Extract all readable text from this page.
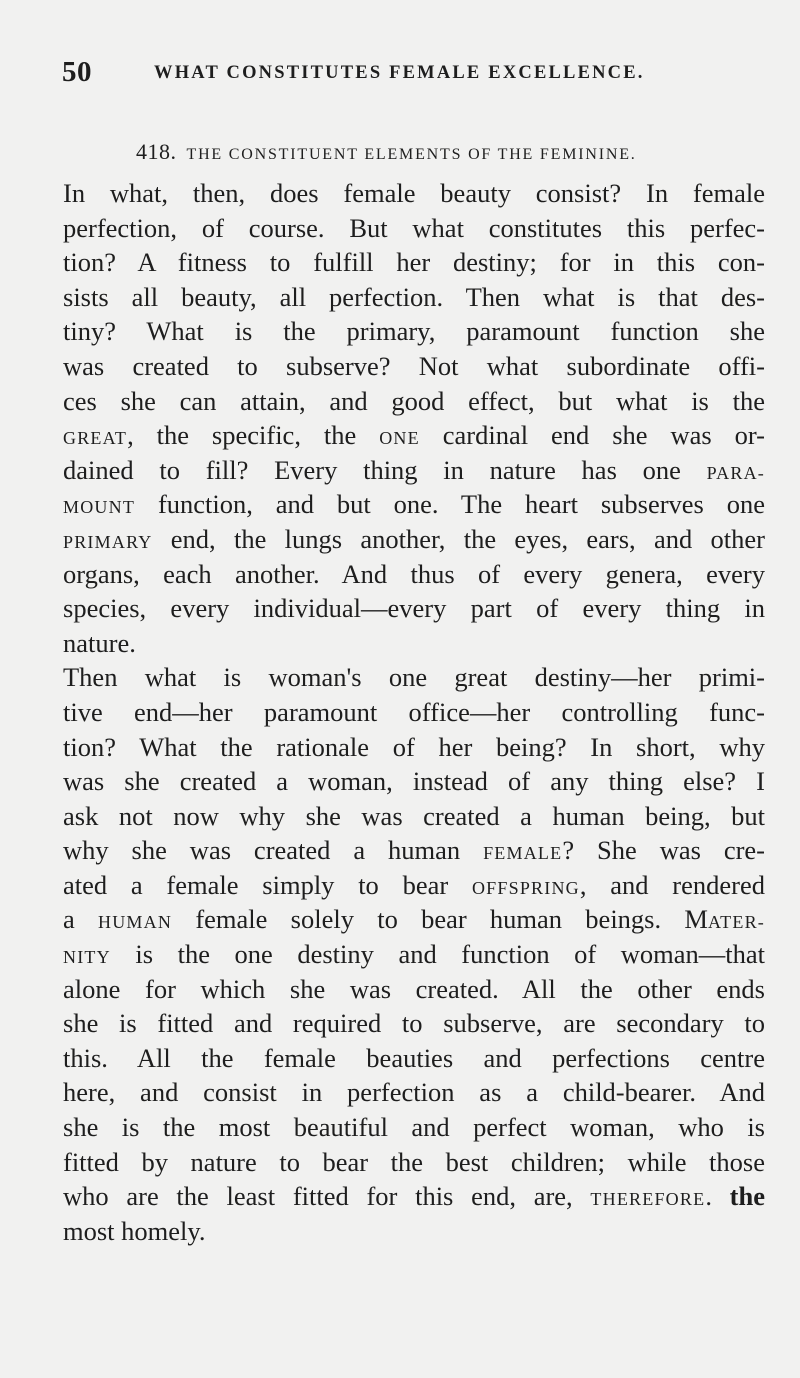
50	WHAT CONSTITUTES FEMALE EXCELLENCE.
418. THE CONSTITUENT ELEMENTS OF THE FEMININE.
In what, then, does female beauty consist? In female
perfection, of course. But what constitutes this perfec-
tion? A fitness to fulfill her destiny; for in this con-
sists all beauty, all perfection. Then what is that des-
tiny? What is the primary, paramount function she
was created to subserve? Not what subordinate offi-
ces she can attain, and good effect, but what is the
GREAT, the specific, the ONE cardinal end she was or-
dained to fill? Every thing in nature has one PARA-
MOUNT function, and but one. The heart subserves one
PRIMARY end, the lungs another, the eyes, ears, and other
organs, each another. And thus of every genera, every
species, every individual—every part of every thing in
nature.
Then what is woman's one great destiny—her primi-
tive end—her paramount office—her controlling func-
tion? What the rationale of her being? In short, why
was she created a woman, instead of any thing else? I
ask not now why she was created a human being, but
why she was created a human FEMALE? She was cre-
ated a female simply to bear OFFSPRING, and rendered
a HUMAN female solely to bear human beings. MATER-
NITY is the one destiny and function of woman—that
alone for which she was created. All the other ends
she is fitted and required to subserve, are secondary to
this. All the female beauties and perfections centre
here, and consist in perfection as a child-bearer. And
she is the most beautiful and perfect woman, who is
fitted by nature to bear the best children; while those
who are the least fitted for this end, are, THEREFORE. the
most homely.
